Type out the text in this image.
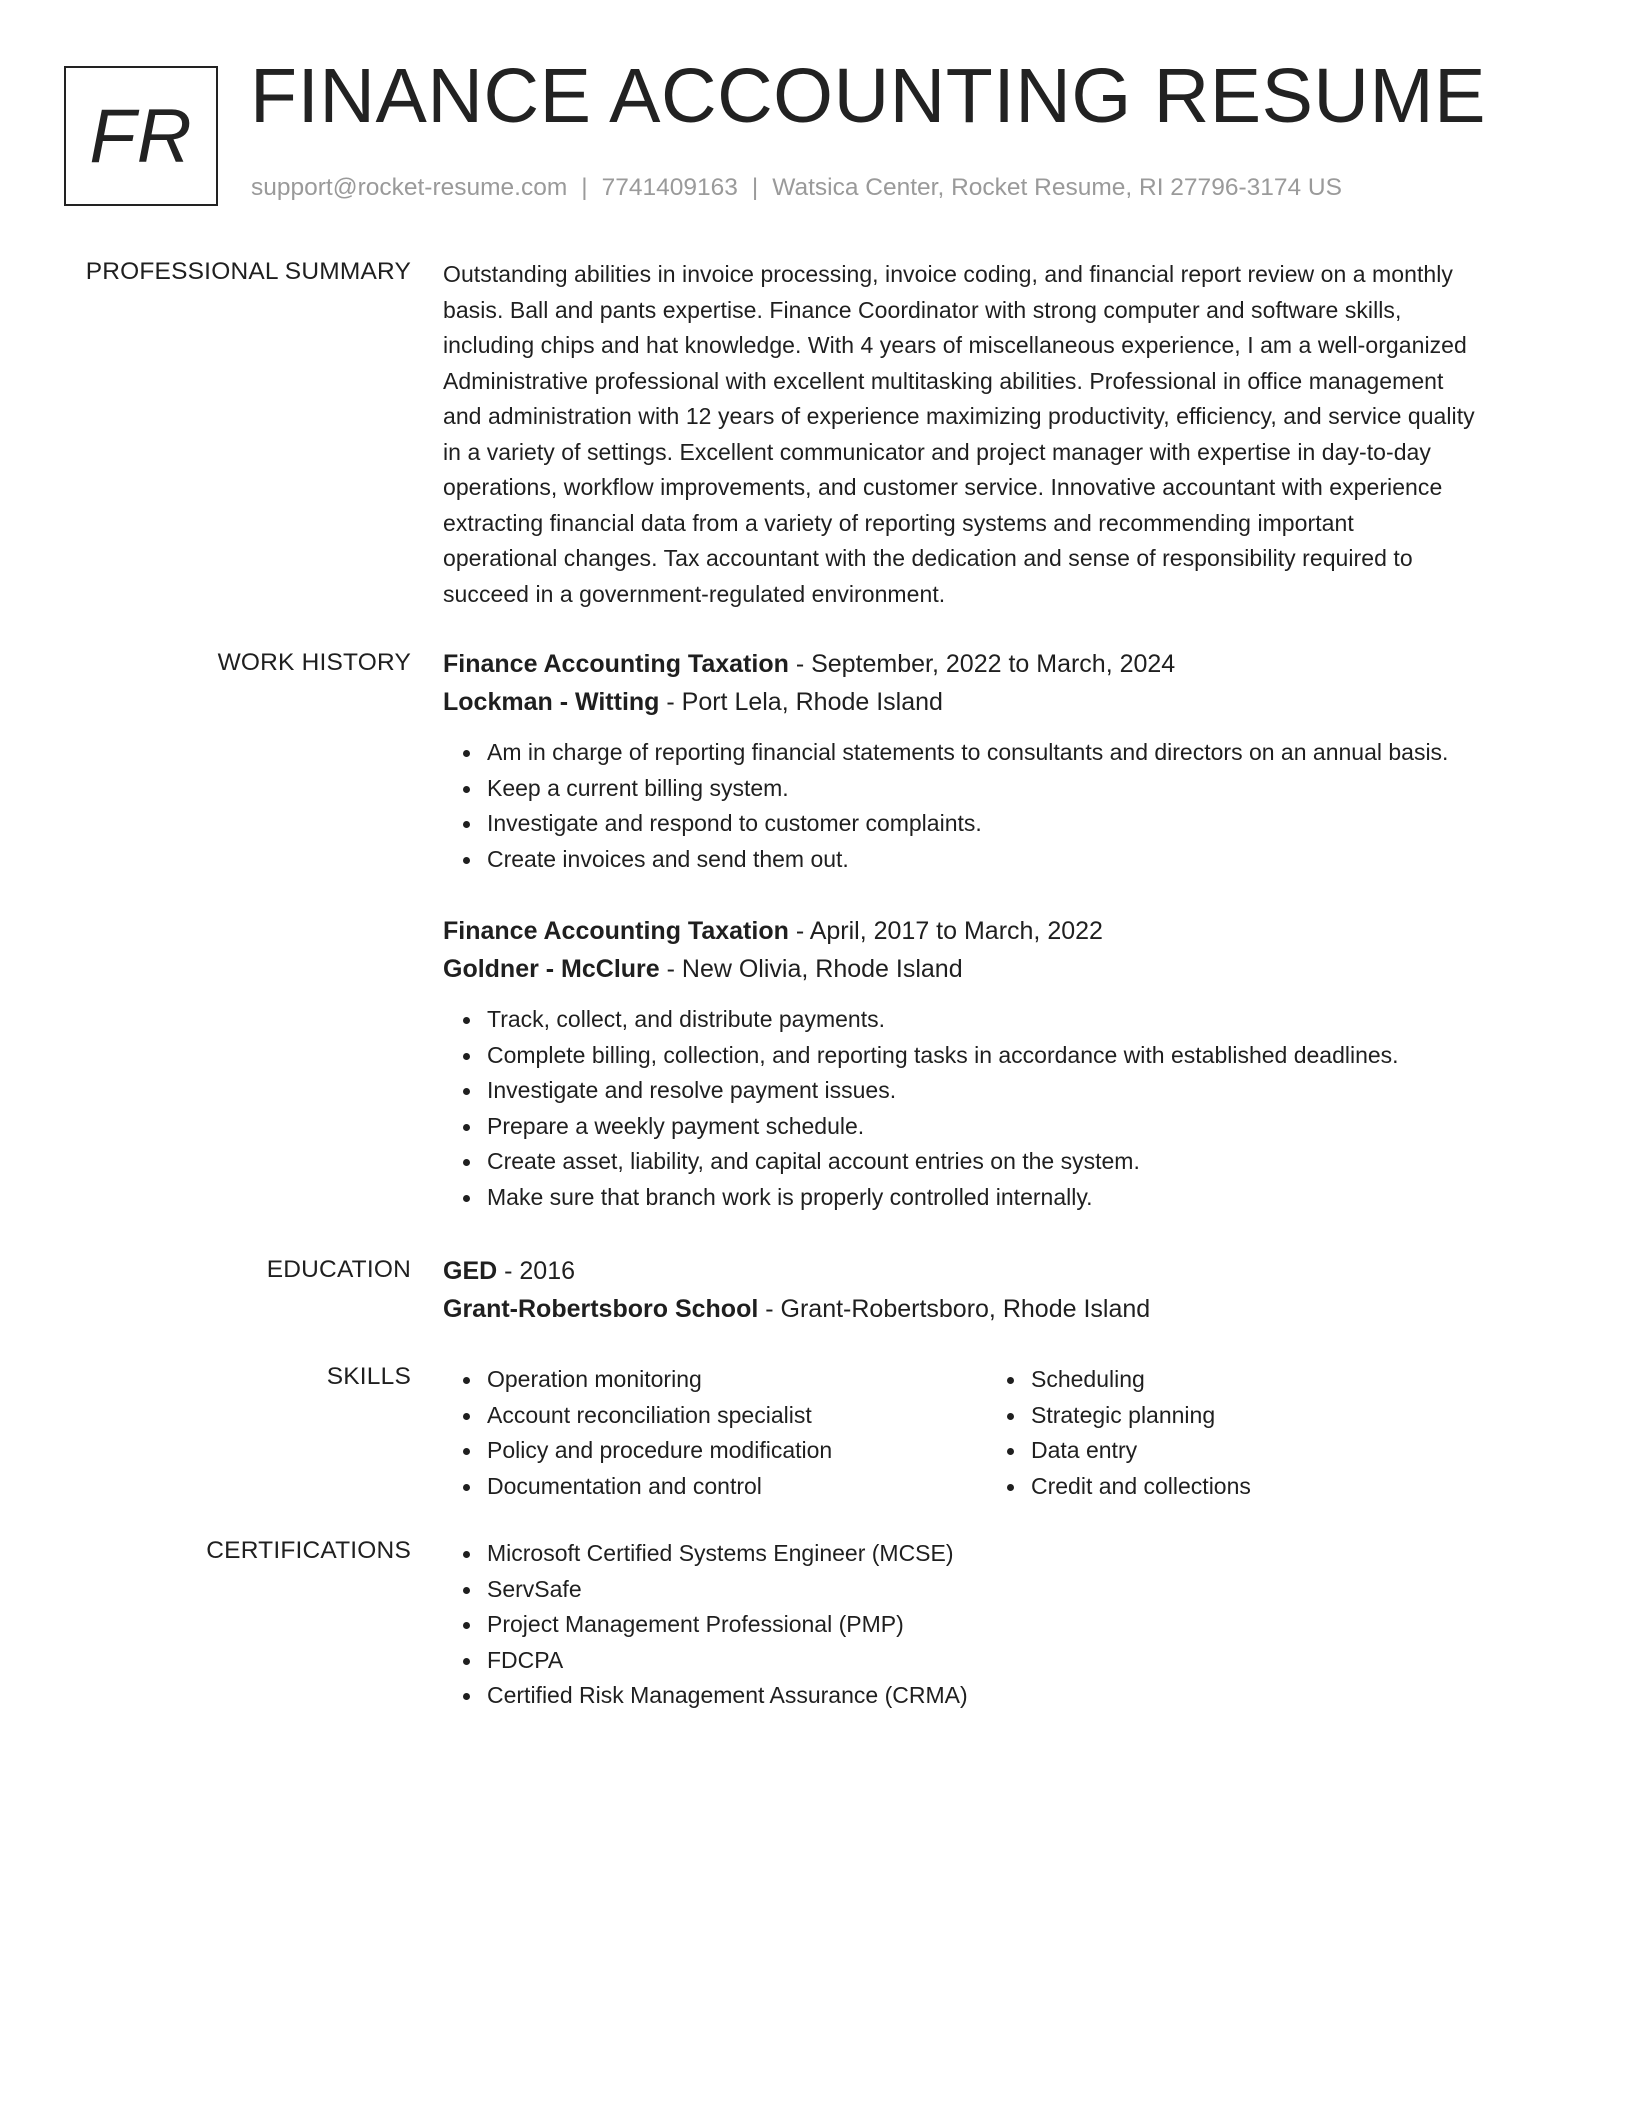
FR FINANCE ACCOUNTING RESUME
support@rocket-resume.com | 7741409163 | Watsica Center, Rocket Resume, RI 27796-3174 US
PROFESSIONAL SUMMARY Outstanding abilities in invoice processing, invoice coding, and financial report review on a monthly
basis. Ball and pants expertise. Finance Coordinator with strong computer and software skills,
including chips and hat knowledge. With 4 years of miscellaneous experience, I am a well-organized
Administrative professional with excellent multitasking abilities. Professional in office management
and administration with 12 years of experience maximizing productivity, efficiency, and service quality
in a variety of settings. Excellent communicator and project manager with expertise in day-to-day
operations, workflow improvements, and customer service. Innovative accountant with experience
extracting financial data from a variety of reporting systems and recommending important
operational changes. Tax accountant with the dedication and sense of responsibility required to
succeed in a government-regulated environment.
WORK HISTORY Finance Accounting Taxation - September, 2022 to March, 2024
Lockman - Witting - Port Lela, Rhode Island
Am in charge of reporting financial statements to consultants and directors on an annual basis.
Keep a current billing system.
Investigate and respond to customer complaints.
Create invoices and send them out.
Finance Accounting Taxation - April, 2017 to March, 2022
Goldner - McClure - New Olivia, Rhode Island
Track, collect, and distribute payments.
Complete billing, collection, and reporting tasks in accordance with established deadlines.
Investigate and resolve payment issues.
Prepare a weekly payment schedule.
Create asset, liability, and capital account entries on the system.
Make sure that branch work is properly controlled internally.
EDUCATION GED - 2016
Grant-Robertsboro School - Grant-Robertsboro, Rhode Island
SKILLS	Operation monitoring
Account reconciliation specialist
Policy and procedure modification
Documentation and control
Scheduling
Strategic planning
Data entry
Credit and collections
CERTIFICATIONS	Microsoft Certified Systems Engineer (MCSE)
ServSafe
Project Management Professional (PMP)
FDCPA
Certified Risk Management Assurance (CRMA)
